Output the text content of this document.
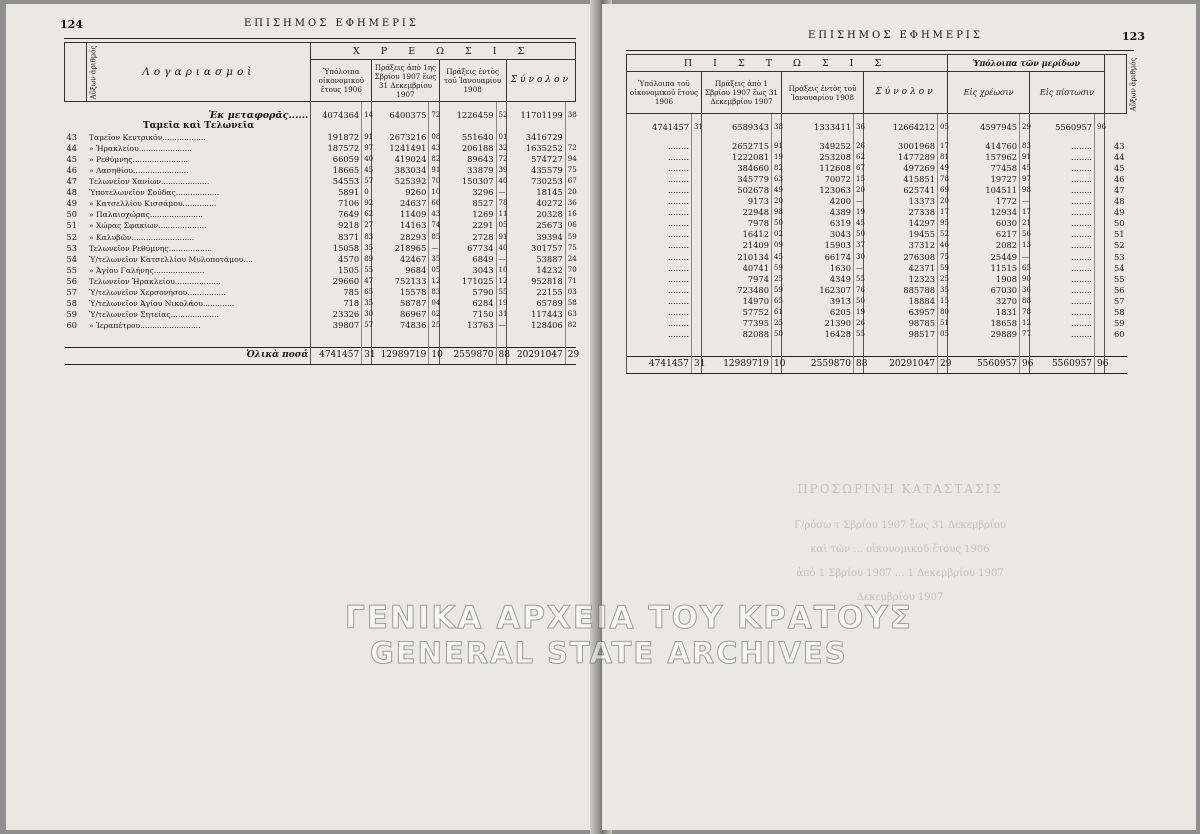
124	ΕΠΙΣΗΜΟΣ ΕΦΗΜΕΡΙΣ
Αὔξων ἀριθμός	Λογαριασμοὶ	Χ Ρ Ε Ω Σ Ι Σ							
		Ὑπόλοιπα οἰκονομικοῦ ἔτους 1906		Πράξεις ἀπὸ 1ης Σβρίου 1907 ἕως 31 Δεκεμβρίου 1907		Πράξεις ἐντὸς τοῦ Ἰανουαρίου 1908		Σύνολον	

	Ἐκ μεταφορᾶς......	4074364	14	6400375	72	1226459	52	11701199	38
	Ταμεῖα καὶ Τελωνεῖα								
43	Ταμεῖον Κεντρικόν..................	191872	91	2673216	08	551640	01	3416729	
44	» Ἡρακλείου......................	187572	97	1241491	43	206188	32	1635252	72
45	» Ρεθύμνης.......................	66059	40	419024	82	89643	72	574727	94
46	» Λασηθίου.......................	18665	45	383034	91	33879	39	435579	75
47	Τελωνεῖον Χανίων....................	54553	57	525392	70	150307	40	730253	67
48	Ὑποτελωνεῖον Σούδας..................	5891	0	9260	10	3296	—	18145	20
49	» Κατσελλίου Κισσάμου..............	7106	92	24637	66	8527	78	40272	36
50	» Παλαιοχώρας......................	7649	62	11409	43	1269	11	20328	16
51	» Χώρας Σφακίων....................	9218	27	14163	74	2291	05	25673	06
52	» Καλυβῶν..........................	8371	83	28293	85	2728	91	39394	59
53	Τελωνεῖον Ρεθύμνης..................	15058	35	218965	—	67734	40	301757	75
54	Ὑ/τελωνεῖον Κατσελλίου Μυλοποτάμου....	4570	89	42467	35	6849	—	53887	24
55	» Ἁγίου Γαλήνης.....................	1505	55	9684	05	3043	10	14232	70
56	Τελωνεῖον Ἡρακλείου...................	29660	47	752133	12	171025	12	952818	71
57	Ὑ/τελωνεῖον Χερσονήσου................	785	65	15578	83	5790	55	22155	03
58	Ὑ/τελωνεῖον Ἁγίου Νικολάου.............	718	35	58787	04	6284	19	65789	58
59	Ὑ/τελωνεῖον Σητείας....................	23326	30	86967	02	7150	31	117443	63
60	» Ἱεραπέτρου.........................	39807	57	74836	25	13763	—	128406	82

	Ὁλικὰ ποσά	4741457	31	12989719	10	2559870	88	20291047	29
ΕΠΙΣΗΜΟΣ ΕΦΗΜΕΡΙΣ	123
ΠΡΟΣΩΡΙΝΗ ΚΑΤΑΣΤΑΣΙΣ
Γ/ρόσω τ Σβρίου 1907 ἕως 31 Δεκεμβρίου
καὶ τῶν ... οἰκονομικοῦ ἔτους 1906
ἀπὸ 1 Σβρίου 1907 ... 1 Δεκεμβρίου 1907
Δεκεμβρίου 1907
Π Ι Σ Τ Ω Σ Ι Σ								Ὑπόλοιπα τῶν μερίδων				Αὔξων ἀριθμός
Ὑπόλοιπα τοῦ οἰκονομικοῦ ἔτους 1906		Πράξεις ἀπὸ 1 Σβρίου 1907 ἕως 31 Δεκεμβρίου 1907		Πράξεις ἐντὸς τοῦ Ἰανουαρίου 1908		Σύνολον		Εἰς χρέωσιν		Εἰς πίστωσιν		

4741457	31	6589343	38	1333411	36	12664212	05	4597945	29	5560957	96	

........		2652715	91	349252	26	3001968	17	414760	83	........		43
........		1222081	19	253208	62	1477289	81	157962	91	........		44
........		384660	82	112608	67	497269	49	77458	45	........		45
........		345779	63	70072	15	415851	78	19727	97	........		46
........		502678	49	123063	20	625741	69	104511	98	........		47
........		9173	20	4200	—	13373	20	1772	—	........		48
........		22948	98	4389	19	27338	17	12934	17	........		49
........		7978	50	6319	45	14297	95	6030	21	........		50
........		16412	02	3043	50	19455	52	6217	56	........		51
........		21409	09	15903	37	37312	46	2082	13	........		52
........		210134	45	66174	30	276308	75	25449	—	........		53
........		40741	59	1630	—	42371	59	11515	65	........		54
........		7974	25	4349	55	12323	25	1908	90	........		55
........		723480	59	162307	76	885788	35	67030	36	........		56
........		14970	65	3913	50	18884	15	3270	88	........		57
........		57752	61	6205	19	63957	80	1831	78	........		58
........		77395	25	21390	26	98785	51	18658	12	........		59
........		82088	50	16428	55	98517	05	29889	77	........		60

4741457	31	12989719	10	2559870	88	20291047	29	5560957	96	5560957	96	
ΓΕΝΙΚΑ ΑΡΧΕΙΑ ΤΟΥ ΚΡΑΤΟΥΣ
GENERAL STATE ARCHIVES
